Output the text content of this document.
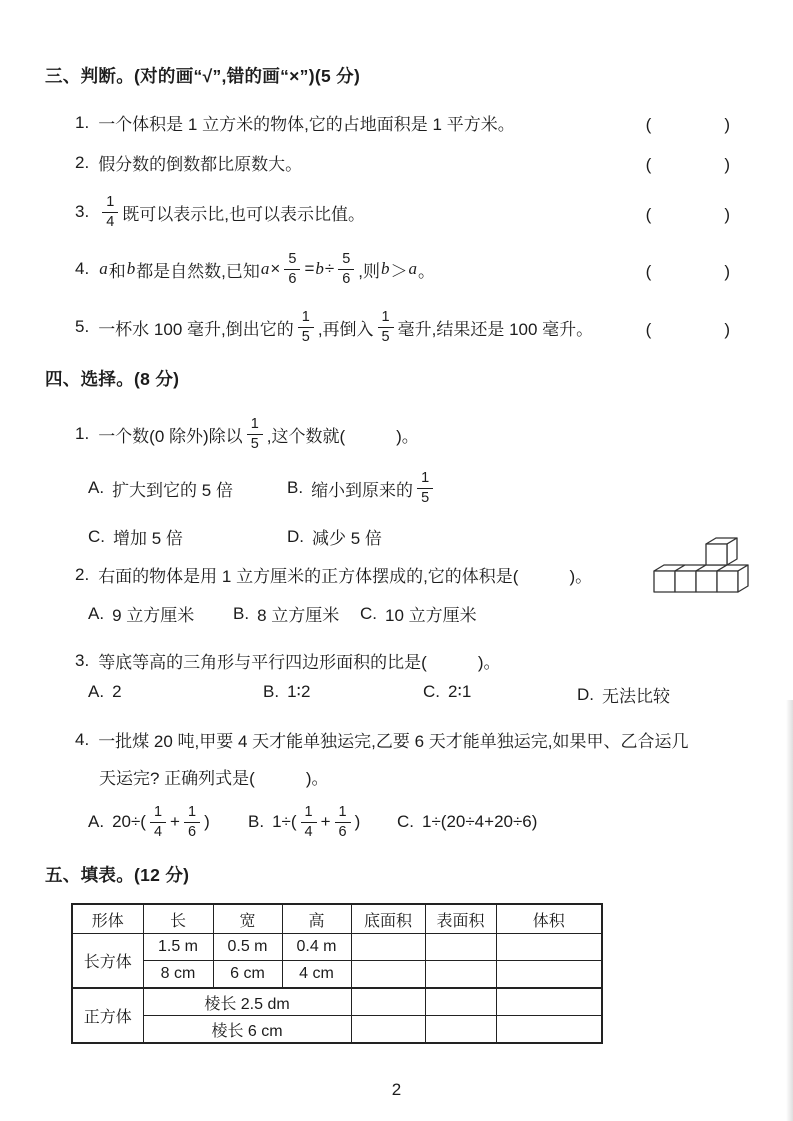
三、判断。(对的画“√”,错的画“×”)(5 分)
1. 一个体积是 1 立方米的物体,它的占地面积是 1 平方米。	(　　　　)
2. 假分数的倒数都比原数大。	(　　　　)
3. $\frac{1}{4}$ 既可以表示比,也可以表示比值。	(　　　　)
4. a 和 b 都是自然数,已知 $a \times \frac{5}{6} = b \div \frac{5}{6}$ ,则 b ＞ a 。	(　　　　)
5. 一杯水 100 毫升,倒出它的 $\frac{1}{5}$ ,再倒入 $\frac{1}{5}$ 毫升,结果还是 100 毫升。	(　　　　)
四、选择。(8 分)
1. 一个数(0 除外)除以 $\frac{1}{5}$ ,这个数就(　　　)。
A. 扩大到它的 5 倍	B. 缩小到原来的 $\frac{1}{5}$
C. 增加 5 倍	D. 减少 5 倍
2. 右面的物体是用 1 立方厘米的正方体摆成的,它的体积是(　　　)。
A. 9 立方厘米 B. 8 立方厘米 C. 10 立方厘米
3. 等底等高的三角形与平行四边形面积的比是(　　　)。
A. 2	B. 1∶2	C. 2∶1	D. 无法比较
4. 一批煤 20 吨,甲要 4 天才能单独运完,乙要 6 天才能单独运完,如果甲、乙合运几
天运完? 正确列式是(　　　)。
A. $20\div( \frac{1}{4} + \frac{1}{6}$ ) B. $1\div( \frac{1}{4} + \frac{1}{6}$ ) C. 1÷(20÷4+20÷6)
五、填表。(12 分)
形体	长	宽	高	底面积	表面积	体积
长方体	1.5 m	0.5 m	0.4 m			
	8 cm	6 cm	4 cm			
正方体	棱长 2.5 dm					
	棱长 6 cm					
2
